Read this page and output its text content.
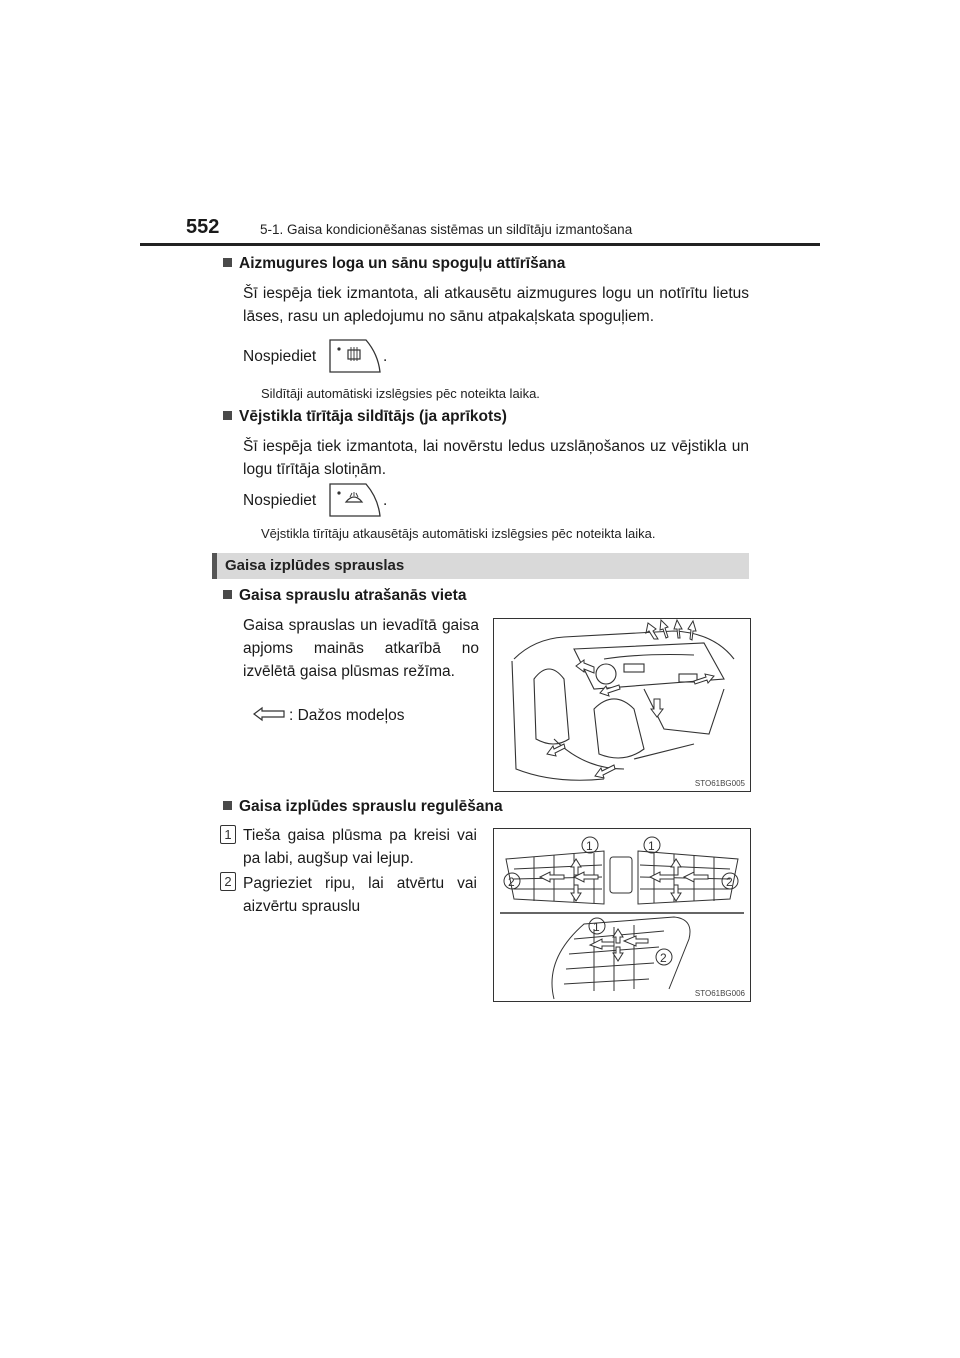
552	5-1. Gaisa kondicionēšanas sistēmas un sildītāju izmantošana
Aizmugures loga un sānu spoguļu attīrīšana
Šī iespēja tiek izmantota, ali atkausētu aizmugures logu un notīrītu lietus lāses, rasu un apledojumu no sānu atpakaļskata spoguļiem.
Nospiediet	.
Sildītāji automātiski izslēgsies pēc noteikta laika.
Vējstikla tīrītāja sildītājs (ja aprīkots)
Šī iespēja tiek izmantota, lai novērstu ledus uzslāņošanos uz vējstikla un logu tīrītāja slotiņām.
Nospiediet	.
Vējstikla tīrītāju atkausētājs automātiski izslēgsies pēc noteikta laika.
Gaisa izplūdes sprauslas
Gaisa sprauslu atrašanās vieta
Gaisa sprauslas un ievadītā gaisa apjoms mainās atkarībā no izvēlētā gaisa plūsmas režīma.
: Dažos modeļos
STO61BG005
Gaisa izplūdes sprauslu regulēšana
1 Tieša gaisa plūsma pa kreisi vai pa labi, augšup vai lejup.
2 Pagrieziet ripu, lai atvērtu vai aizvērtu sprauslu
1	1
2	2
1
2
STO61BG006
